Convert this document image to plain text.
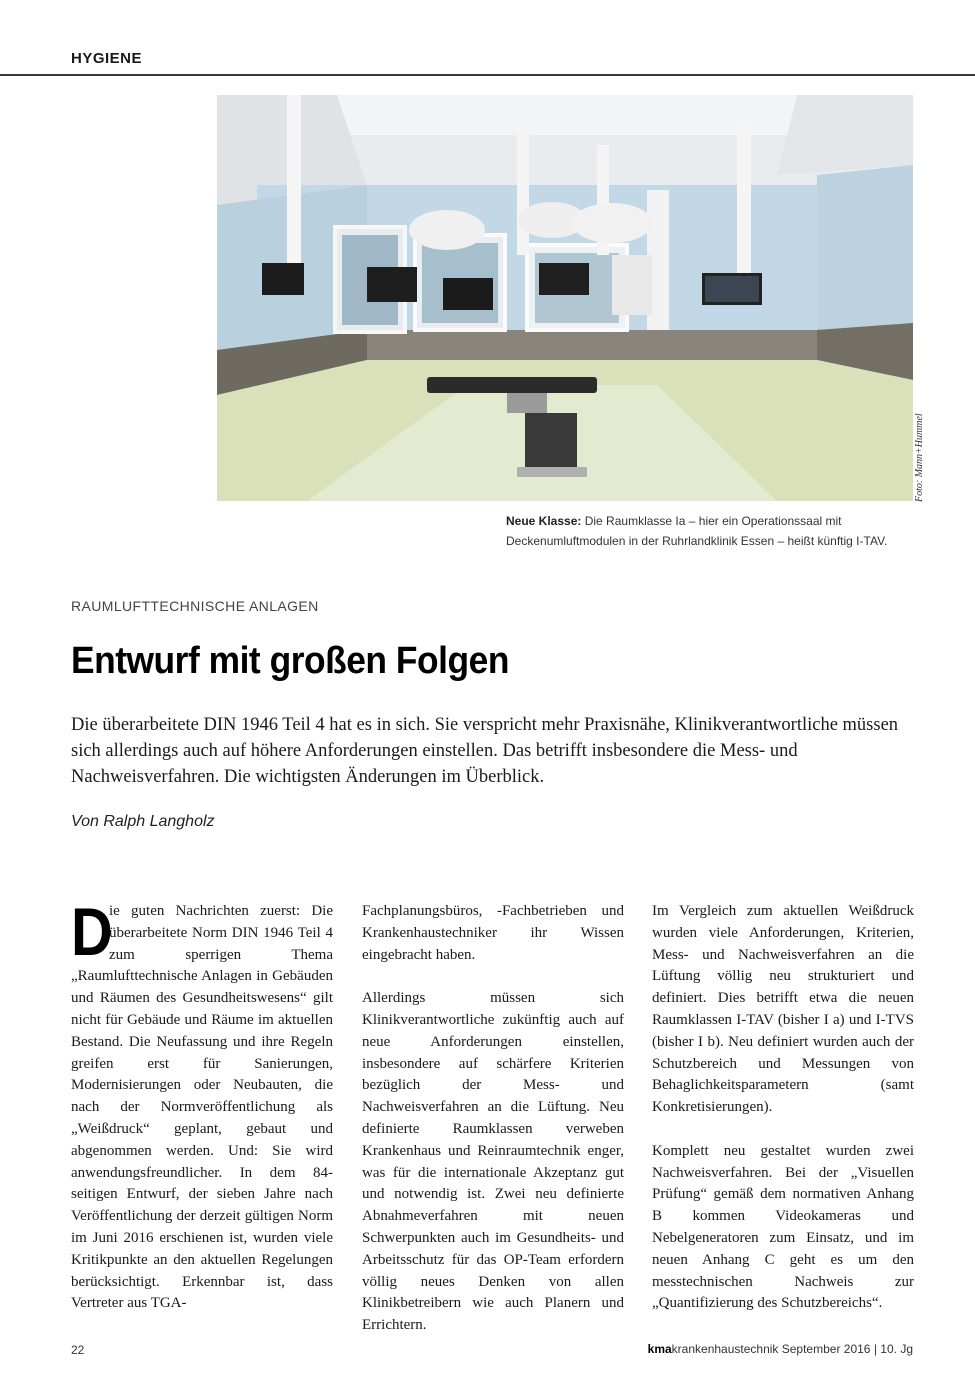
HYGIENE
Foto: Mann+Hummel
Neue Klasse: Die Raumklasse Ia – hier ein Operationssaal mit Deckenumluftmodulen in der Ruhrlandklinik Essen – heißt künftig I-TAV.
RAUMLUFTTECHNISCHE ANLAGEN
Entwurf mit großen Folgen
Die überarbeitete DIN 1946 Teil 4 hat es in sich. Sie verspricht mehr Praxisnähe, Klinikverantwortliche müssen sich allerdings auch auf höhere Anforderungen einstellen. Das betrifft insbesondere die Mess- und Nachweisverfahren. Die wichtigsten Änderungen im Überblick.
Von Ralph Langholz

D
ie guten Nachrichten zuerst: Die überarbeitete Norm DIN 1946 Teil 4 zum sperrigen Thema „Raumlufttechnische Anlagen in Gebäuden und Räumen des Gesundheitswesens“ gilt nicht für Gebäude und Räume im aktuellen Bestand. Die Neufassung und ihre Regeln greifen erst für Sanierungen, Modernisierungen oder Neubauten, die nach der Normveröffentlichung als „Weißdruck“ geplant, gebaut und abgenommen werden. Und: Sie wird anwendungsfreundlicher. In dem 84-seitigen Entwurf, der sieben Jahre nach Veröffentlichung der derzeit gültigen Norm im Juni 2016 erschienen ist, wurden viele Kritikpunkte an den aktuellen Regelungen berücksichtigt. Erkennbar ist, dass Vertreter aus TGA-

Fachplanungsbüros, -Fachbetrieben und Krankenhaustechniker ihr Wissen eingebracht haben.

Allerdings müssen sich Klinikverantwortliche zukünftig auch auf neue Anforderungen einstellen, insbesondere auf schärfere Kriterien bezüglich der Mess- und Nachweisverfahren an die Lüftung. Neu definierte Raumklassen verweben Krankenhaus und Reinraumtechnik enger, was für die internationale Akzeptanz gut und notwendig ist. Zwei neu definierte Abnahmeverfahren mit neuen Schwerpunkten auch im Gesundheits- und Arbeitsschutz für das OP-Team erfordern völlig neues Denken von allen Klinikbetreibern wie auch Planern und Errichtern.

Im Vergleich zum aktuellen Weißdruck wurden viele Anforderungen, Kriterien, Mess- und Nachweisverfahren an die Lüftung völlig neu strukturiert und definiert. Dies betrifft etwa die neuen Raumklassen I-TAV (bisher I a) und I-TVS (bisher I b). Neu definiert wurden auch der Schutzbereich und Messungen von Behaglichkeitsparametern (samt Konkretisierungen).

Komplett neu gestaltet wurden zwei Nachweisverfahren. Bei der „Visuellen Prüfung“ gemäß dem normativen Anhang B kommen Videokameras und Nebelgeneratoren zum Einsatz, und im neuen Anhang C geht es um den messtechnischen Nachweis zur „Quantifizierung des Schutzbereichs“.

22	kmakrankenhaustechnik September 2016 | 10. Jg
